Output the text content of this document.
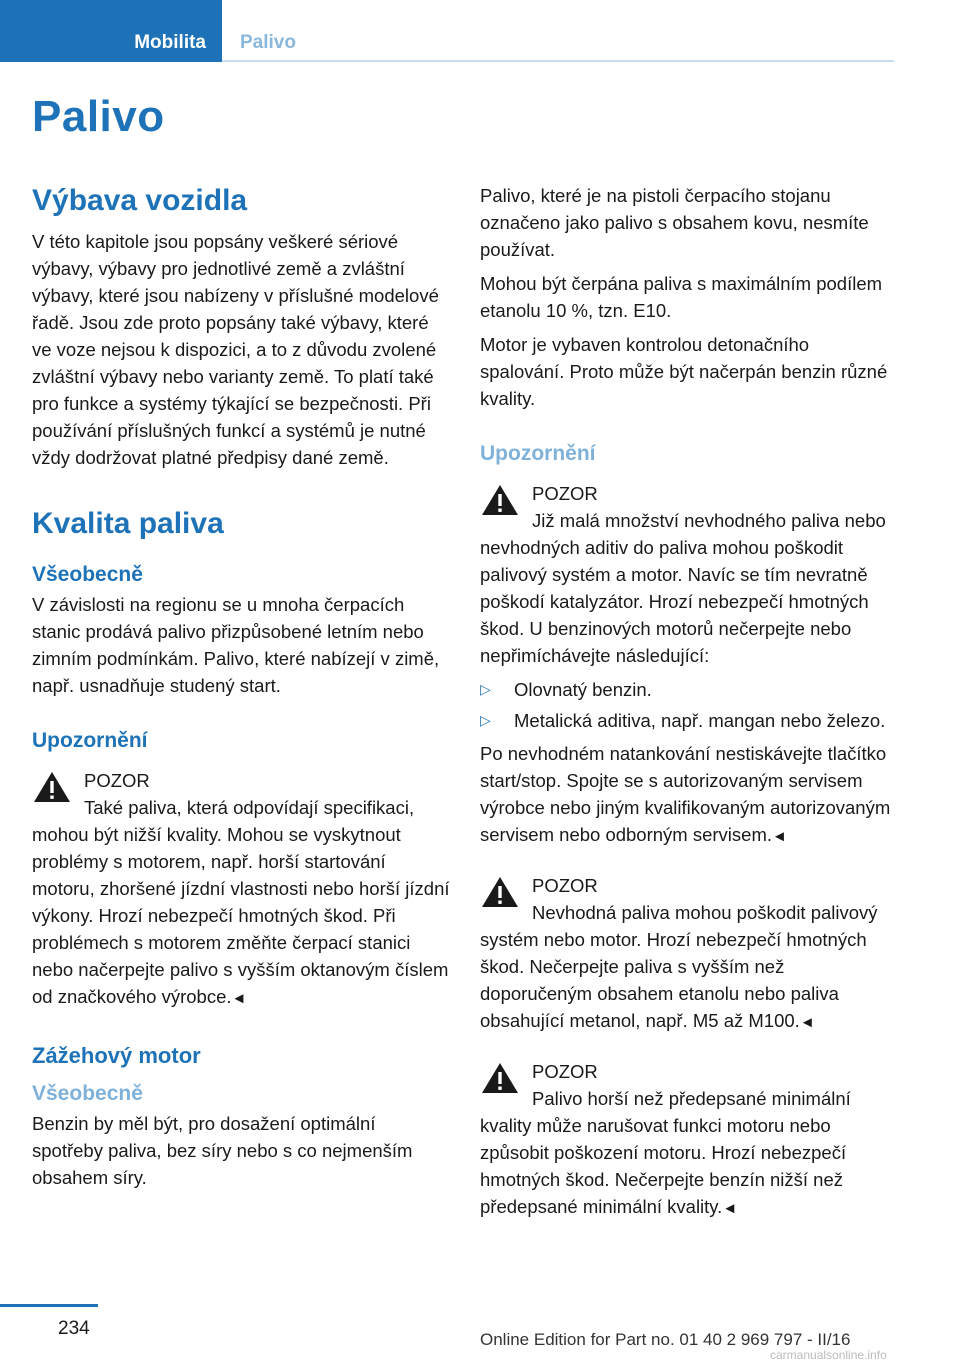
Mobilita	Palivo
Palivo
Výbava vozidla

V této kapitole jsou popsány veškeré sériové výbavy, výbavy pro jednotlivé země a zvláštní výbavy, které jsou nabízeny v příslušné modelové řadě. Jsou zde proto popsány také výbavy, které ve voze nejsou k dispozici, a to z důvodu zvolené zvláštní výbavy nebo varianty země. To platí také pro funkce a systémy týkající se bezpečnosti. Při používání příslušných funkcí a systémů je nutné vždy dodržovat platné předpisy dané země.

Kvalita paliva
Všeobecně

V závislosti na regionu se u mnoha čerpacích stanic prodává palivo přizpůsobené letním nebo zimním podmínkám. Palivo, které nabízejí v zimě, např. usnadňuje studený start.

Upozornění
POZOR
Také paliva, která odpovídají specifikaci, mohou být nižší kvality. Mohou se vyskytnout problémy s motorem, např. horší startování motoru, zhoršené jízdní vlastnosti nebo horší jízdní výkony. Hrozí nebezpečí hmotných škod. Při problémech s motorem změňte čerpací stanici nebo načerpejte palivo s vyšším oktanovým číslem od značkového výrobce.◄
Zážehový motor
Všeobecně

Benzin by měl být, pro dosažení optimální spotřeby paliva, bez síry nebo s co nejmenším obsahem síry.

Palivo, které je na pistoli čerpacího stojanu označeno jako palivo s obsahem kovu, nesmíte používat.

Mohou být čerpána paliva s maximálním podílem etanolu 10 %, tzn. E10.

Motor je vybaven kontrolou detonačního spalování. Proto může být načerpán benzin různé kvality.

Upozornění
POZOR
Již malá množství nevhodného paliva nebo nevhodných aditiv do paliva mohou poškodit palivový systém a motor. Navíc se tím nevratně poškodí katalyzátor. Hrozí nebezpečí hmotných škod. U benzinových motorů nečerpejte nebo nepřimíchávejte následující:
▷ Olovnatý benzin.
▷ Metalická aditiva, např. mangan nebo železo.

Po nevhodném natankování nestiskávejte tlačítko start/stop. Spojte se s autorizovaným servisem výrobce nebo jiným kvalifikovaným autorizovaným servisem nebo odborným servisem.◄

POZOR
Nevhodná paliva mohou poškodit palivový systém nebo motor. Hrozí nebezpečí hmotných škod. Nečerpejte paliva s vyšším než doporučeným obsahem etanolu nebo paliva obsahující metanol, např. M5 až M100.◄
POZOR
Palivo horší než předepsané minimální kvality může narušovat funkci motoru nebo způsobit poškození motoru. Hrozí nebezpečí hmotných škod. Nečerpejte benzín nižší než předepsané minimální kvality.◄
234
Online Edition for Part no. 01 40 2 969 797 - II/16
carmanualsonline.info
